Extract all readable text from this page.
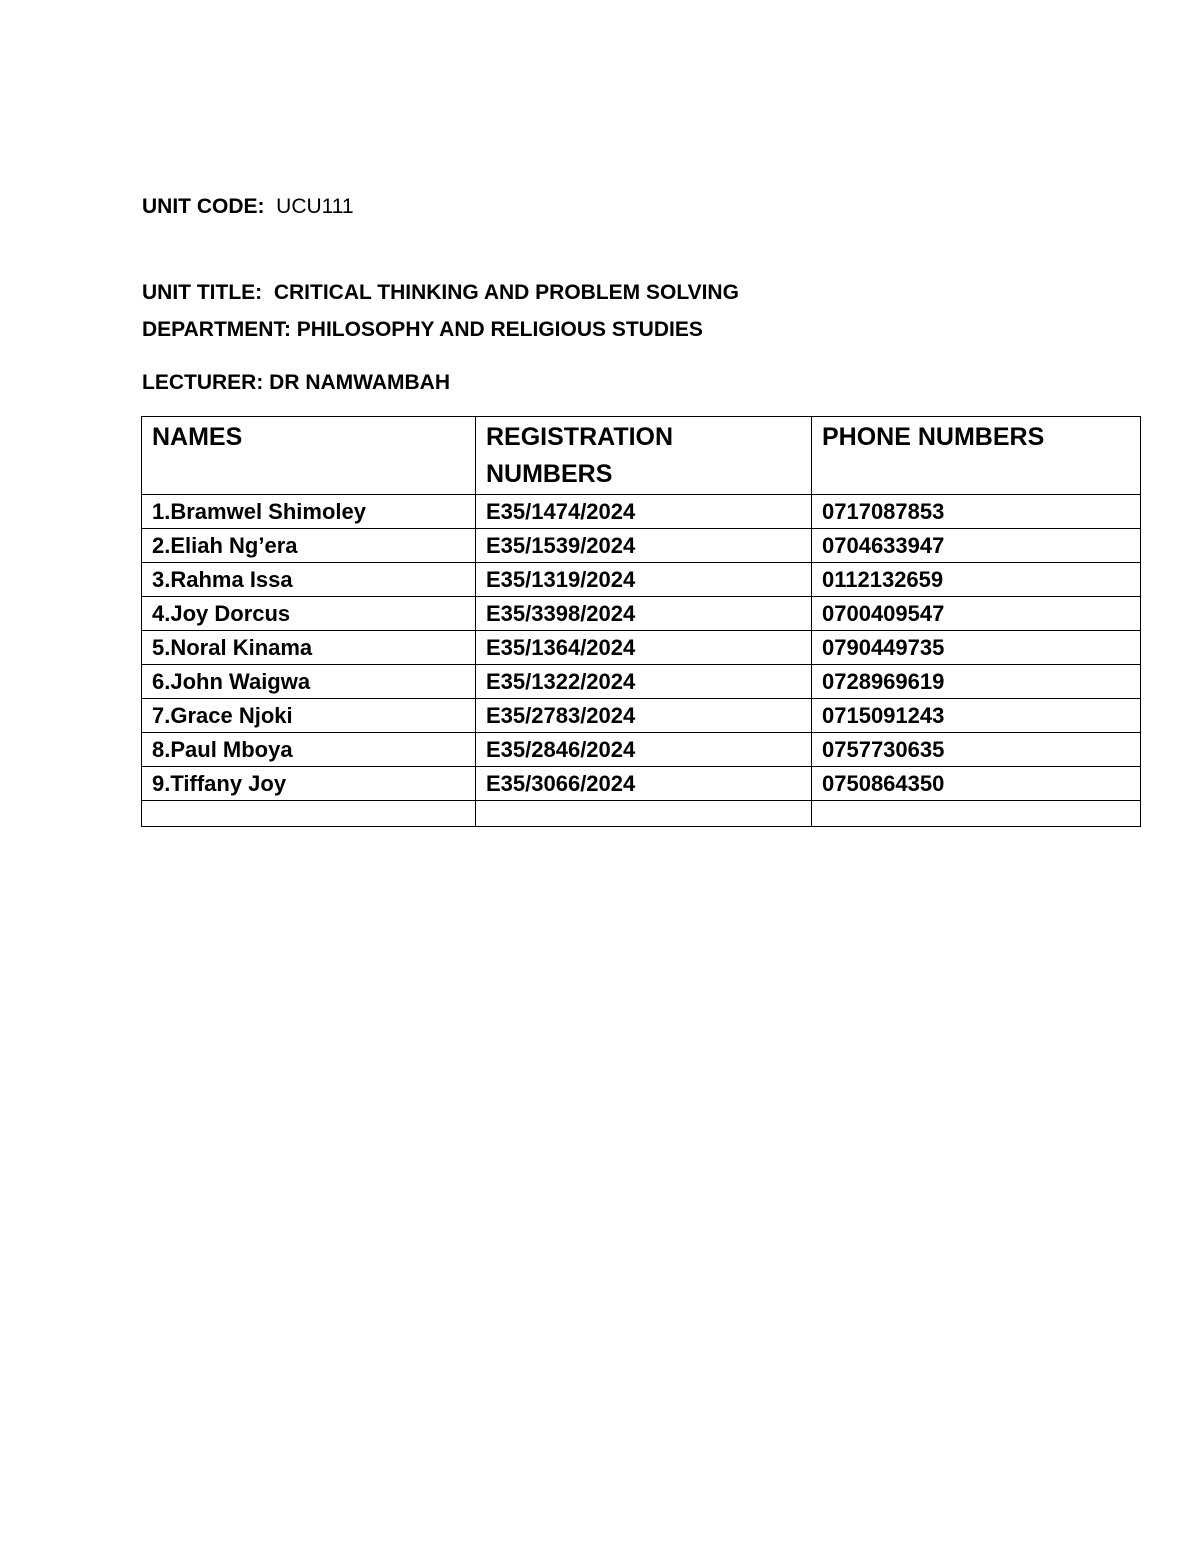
UNIT CODE: UCU111
UNIT TITLE: CRITICAL THINKING AND PROBLEM SOLVING
DEPARTMENT: PHILOSOPHY AND RELIGIOUS STUDIES
LECTURER: DR NAMWAMBAH
NAMES	REGISTRATION NUMBERS	PHONE NUMBERS
1.Bramwel Shimoley	E35/1474/2024	0717087853
2.Eliah Ng’era	E35/1539/2024	0704633947
3.Rahma Issa	E35/1319/2024	0112132659
4.Joy Dorcus	E35/3398/2024	0700409547
5.Noral Kinama	E35/1364/2024	0790449735
6.John Waigwa	E35/1322/2024	0728969619
7.Grace Njoki	E35/2783/2024	0715091243
8.Paul Mboya	E35/2846/2024	0757730635
9.Tiffany Joy	E35/3066/2024	0750864350
